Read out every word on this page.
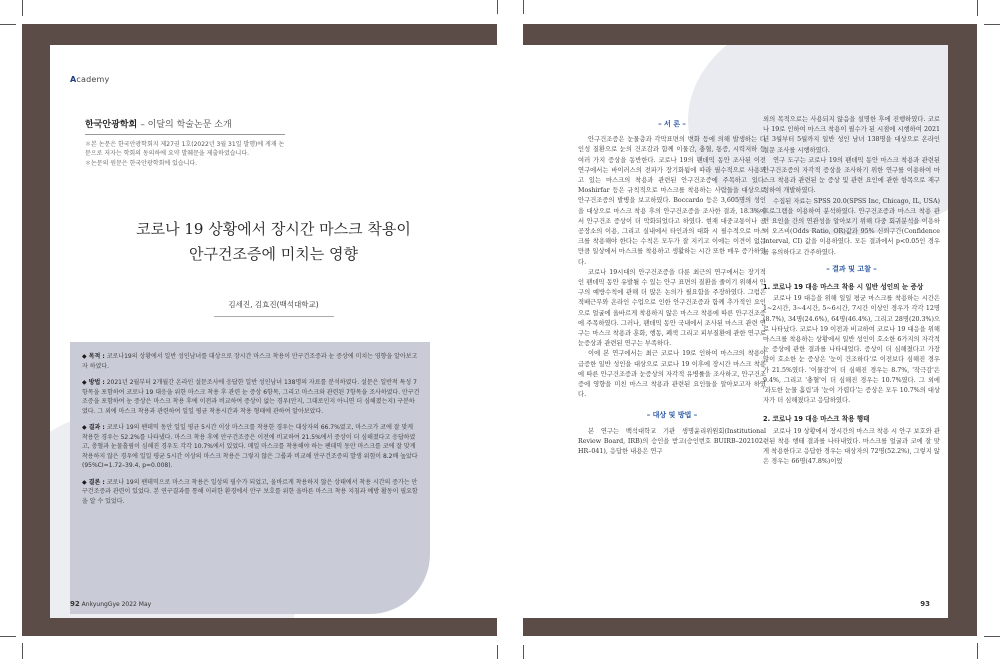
Academy
한국안광학회 – 이달의 학술논문 소개
＊본 논문은 한국안광학회지 제27권 1호(2022년 3월 31일 발행)에 게재 논문으로 저자는 학회의 동의하에 요약 발췌문을 제출하였습니다.
＊논문의 원문은 한국안광학회에 있습니다.
코로나 19 상황에서 장시간 마스크 착용이
안구건조증에 미치는 영향
김세진, 김효진(백석대학교)
◆ 목적 : 코로나19의 상황에서 일반 성인남녀를 대상으로 장시간 마스크 착용이 안구건조증과 눈 증상에 미치는 영향을 알아보고자 하였다.
◆ 방법 : 2021년 2월부터 2개월간 온라인 설문조사에 응답한 일반 성인남녀 138명의 자료를 분석하였다. 설문은 일반적 특성 7항목을 포함하여 코로나 19 대응을 위한 마스크 착용 후 관련 눈 증상 6항목, 그리고 마스크와 관련된 7항목을 조사하였다. 안구건조증을 포함하여 눈 증상은 마스크 착용 후에 이전과 비교하여 증상이 없는 경우(안지, 그대로인지 아니면 더 심해졌는지) 구분하였다. 그 외에 마스크 착용과 관련하여 일일 평균 착용시간과 착용 형태에 관하여 알아보았다.
◆ 결과 : 코로나 19의 팬데믹 동안 일일 평균 5시간 이상 마스크를 착용한 경우는 대상자의 66.7%였고, 마스크가 코에 잘 맞게 착용한 경우는 52.2%를 나타냈다. 마스크 착용 후에 안구건조증은 이전에 비교하여 21.5%에서 증상이 더 심해졌다고 응답하였고, 충혈과 눈물흘림이 심해진 경우도 각각 10.7%에서 있었다. 매일 마스크를 착용해야 하는 팬데믹 동안 마스크를 코에 잘 맞게 착용하지 않은 경우에 일일 평균 5시간 이상의 마스크 착용은 그렇지 않은 그룹과 비교해 안구건조증의 발생 위험이 8.2배 높았다(95%CI=1.72–39.4, p=0.008).
◆ 결론 : 코로나 19의 팬데믹으로 마스크 착용은 일상의 필수가 되었고, 올바르게 착용하지 않은 상태에서 착용 시간의 증가는 안구건조증과 관련이 있었다. 본 연구결과를 통해 이러한 환경에서 안구 보호를 위한 올바른 마스크 착용 지침과 예방 활동이 필요함을 알 수 있었다.
92 AnkyungGye 2022 May
– 서 론 –

안구건조증은 눈물층과 각막표면의 변화 등에 의해 발생하는 다인성 질환으로 눈의 건조감과 함께 이물감, 충혈, 통증, 시력저하 등 여러 가지 증상을 동반한다. 코로나 19의 팬데믹 동안 조사된 이전 연구에서는 바이러스의 전파가 장기화됨에 따라 필수적으로 사용되고 있는 마스크의 착용과 관련된 안구건조증에 주목하고 있다. Moshirfar 등은 규칙적으로 마스크를 착용하는 사람들을 대상으로 안구건조증의 발병을 보고하였다. Boccardo 등은 3,605명의 성인을 대상으로 마스크 착용 후의 안구건조증을 조사한 결과, 18.3%에서 안구건조 증상이 더 악화되었다고 하였다. 현재 대중교통이나 공공장소의 이용, 그리고 실내에서 타인과의 대화 시 필수적으로 마스크를 착용해야 한다는 수칙은 모두가 잘 지키고 이에는 이견이 없는 만큼 일상에서 마스크를 착용하고 생활하는 시간 또한 매우 증가하였다.

코로나 19시대의 안구건조증을 다룬 최근의 연구에서는 장기적인 팬데믹 동안 유발될 수 있는 안구 표면의 질환을 줄이기 위해서 안구의 예방수칙에 관해 더 많은 논의가 필요함을 주장하였다. 그럼은 적배근무와 온라인 수업으로 인한 안구건조증과 함께 추가적인 요인으로 얼굴에 올바르게 착용하지 않은 마스크 착용에 따른 안구건조증에 주목하였다. 그러나, 팬데믹 동안 국내에서 조사된 마스크 관련 연구는 마스크 착용과 훈화, 행동, 폐색 그리고 피부질환에 관한 연구로 눈증상과 관련된 연구는 부족하다.

이에 본 연구에서는 최근 코로나 19로 인하여 마스크의 착용이 급증한 일반 성인을 대상으로 코로나 19 이후에 장시간 마스크 착용에 따른 안구건조증과 눈증상의 자각적 유병률을 조사하고, 안구건조증에 영향을 미친 마스크 착용과 관련된 요인들을 알아보고자 하였다.

– 대상 및 방법 –

본 연구는 백석대학교 기관 생명윤리위원회(Institutional Review Board, IRB)의 승인을 받고(승인번호 BUIRB–202102–HR–041), 응답한 내용은 연구

외의 목적으로는 사용되지 않음을 설명한 후에 진행하였다. 코로나 19로 인하여 마스크 착용이 필수가 된 시점에 시행하여 2021년 3월부터 5월까지 일반 성인 남녀 138명을 대상으로 온라인 설문 조사를 시행하였다.

연구 도구는 코로나 19의 팬데믹 동안 마스크 착용과 관련된 안구건조증의 자각적 증상을 조사하기 위한 연구를 이용하여 마스크 착용과 관련된 눈 증상 및 관련 요인에 관한 항목으로 재구성하여 개발하였다.

수집된 자료는 SPSS 20.0(SPSS Inc, Chicago, IL, USA) 프로그램을 이용하여 분석하였다. 안구건조증과 마스크 착용 관련 요인을 간의 연관성을 알아보기 위해 다중 회귀분석을 이용하여 오즈비(Odds Ratio, OR)값과 95% 신뢰구간(Confidence Interval, CI) 값을 이용하였다. 모든 결과에서 p<0.05인 경우를 유의하다고 간주하였다.

– 결과 및 고찰 –
1. 코로나 19 대응 마스크 착용 시 일반 성인의 눈 증상

코로나 19 대응을 위해 일일 평균 마스크를 착용하는 시간은 1~2시간, 3~4시간, 5~6시간, 7시간 이상인 경우가 각각 12명(8.7%), 34명(24.6%), 64명(46.4%), 그리고 28명(20.3%)으로 나타났다. 코로나 19 이전과 비교하여 코로나 19 대응을 위해 마스크를 착용하는 상황에서 일반 성인이 호소한 6가지의 자각적 눈 증상에 관한 결과를 나타내었다. 증상이 더 심해졌다고 가장 많이 호소한 눈 증상은 '눈이 건조하다'로 이전보다 심해진 경우가 21.5%였다. '이물감'이 더 심해진 경우는 8.7%, '작극감'은 9.4%, 그리고 '충혈'이 더 심해진 경우는 10.7%였다. 그 외에 '과도한 눈물 흘림'과 '눈이 가렵다'는 증상은 모두 10.7%의 대상자가 더 심해졌다고 응답하였다.

2. 코로나 19 대응 마스크 착용 행태

코로나 19 상황에서 장시간의 마스크 착용 시 안구 보호와 관련된 착용 행태 결과를 나타내었다. 마스크를 얼굴과 코에 잘 맞게 착용한다고 응답한 경우는 대상자의 72명(52.2%), 그렇지 않은 경우는 66명(47.8%)이었

93
